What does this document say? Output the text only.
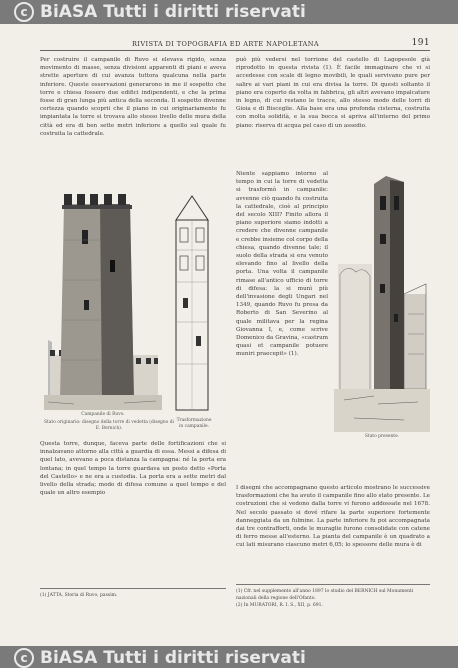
c BiASA Tutti i diritti riservati
RIVISTA DI TOPOGRAFIA ED ARTE NAPOLETANA	191

Per costruire il campanile di Ruvo si elevava rigido, senza movimento di masse, senza divisioni apparenti di piani e aveva strette aperture di cui avanza tuttora qualcuna nella parte inferiore. Queste osservazioni generarono in me il sospetto che torre e chiesa fossero due edifici indipendenti, e che la prima fosse di gran lunga più antica della seconda. Il sospetto divenne certezza quando scoprii che il piano in cui originariamente fu impiantata la torre si trovava allo stesso livello delle mura della città ed era di ben sette metri inferiore a quello sul quale fu costruita la cattedrale.

può più vedersi nel torrione del castello di Lagopesole già riprodotto in questa rivista (1). È facile immaginare che vi si accedesse con scale di legno movibili, le quali servivano pure per salire ai vari piani in cui era divisa la torre. Di questi soltanto il piano era coperto da volta in fabbrica, gli altri avevano impalcature in legno, di cui restano le tracce, allo stesso modo delle torri di Gioia e di Bisceglie. Alla base era una profonda cisterna, costruita con molta solidità, e la sua bocca si apriva all'interno del primo piano: riserva di acqua pel caso di un assedio.

Niente sappiamo intorno al tempo in cui la torre di vedetta si trasformò in campanile: avvenne ciò quando fu costruita la cattedrale, cioè al principio del secolo XIII? Finito allora il piano superiore siamo indotti a credere che divenne campanile e crebbe insieme col corpo della chiesa, quando divenne tale; il suolo della strada si era venuto elevando fino al livello della porta. Una volta il campanile rimase all'antico ufficio di torre di difesa: la si munì più dell'invasione degli Ungari nel 1349, quando Ruvo fu presa da Roberto di San Severino al quale militava per la regina Giovanna I, e, come scrive Domenico da Gravina, «castrum quasi et campanile potuere muniri praecepit» (1).

I disegni che accompagnano questo articolo mostrano le successive trasformazioni che ha avuto il campanile fino allo stato presente. Le costruzioni che si vedono dalla torre vi furono addossate nel 1678. Nel secolo passato si dové rifare la parte superiore fortemente danneggiata da un fulmine. La parte inferiore fu poi accompagnata dai tre contrafforti, onde le muraglie furono consolidate con catene di ferro messe all'esterno. La pianta del campanile è un quadrato a cui lati misurano ciascuno metri 6,05; lo spessore delle mura è di

Questa torre, dunque, faceva parte delle fortificazioni che si innalzavano attorno alla città a guardia di essa. Messi a difesa di quel lato, avevano a poca distanza la campagna: né la porta era lontana; in quel tempo la torre guardava un posto detto «Porta del Castello» e ne era a custodia. La porta era a sette metri dal livello della strada; modo di difesa comune a quel tempo e del quale un altro esempio

Campanile di Ruvo.
Stato originario: disegno della torre di vedetta (disegno di E. Bernich).
Trasformazione
in campanile.
Stato presente.
(1) JATTA, Storia di Ruvo, passim.
(1) Cfr. nel supplemento all'anno 1897 lo studio del BERNICH sul Monumenti nazionali della regione dell'Ofanto.
(2) In MURATORI, R. I. S., XII, p. 691.
c BiASA Tutti i diritti riservati
